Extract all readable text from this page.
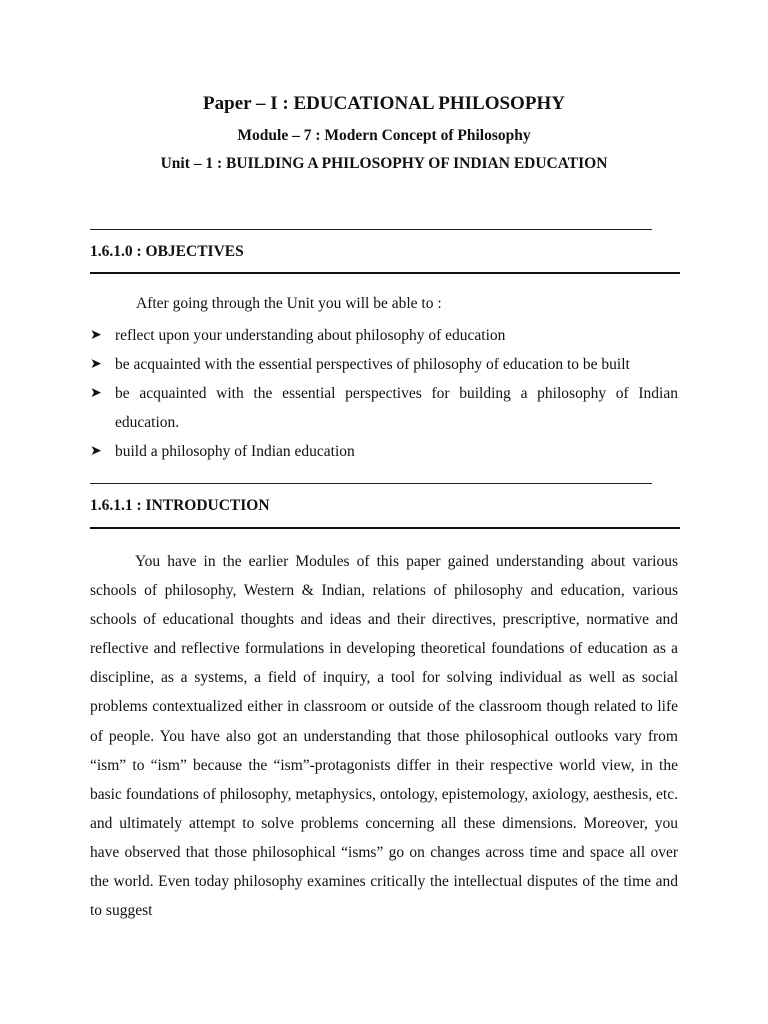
Paper – I : EDUCATIONAL PHILOSOPHY
Module – 7 : Modern Concept of Philosophy
Unit – 1 : BUILDING A PHILOSOPHY OF INDIAN EDUCATION
1.6.1.0 : OBJECTIVES
After going through the Unit you will be able to :
➤ reflect upon your understanding about philosophy of education
➤ be acquainted with the essential perspectives of philosophy of education to be built
➤ be acquainted with the essential perspectives for building a philosophy of Indian education.
➤ build a philosophy of Indian education
1.6.1.1 : INTRODUCTION

You have in the earlier Modules of this paper gained understanding about various schools of philosophy, Western & Indian, relations of philosophy and education, various schools of educational thoughts and ideas and their directives, prescriptive, normative and reflective and reflective formulations in developing theoretical foundations of education as a discipline, as a systems, a field of inquiry, a tool for solving individual as well as social problems contextualized either in classroom or outside of the classroom though related to life of people. You have also got an understanding that those philosophical outlooks vary from “ism” to “ism” because the “ism”-protagonists differ in their respective world view, in the basic foundations of philosophy, metaphysics, ontology, epistemology, axiology, aesthesis, etc. and ultimately attempt to solve problems concerning all these dimensions. Moreover, you have observed that those philosophical “isms” go on changes across time and space all over the world. Even today philosophy examines critically the intellectual disputes of the time and to suggest
